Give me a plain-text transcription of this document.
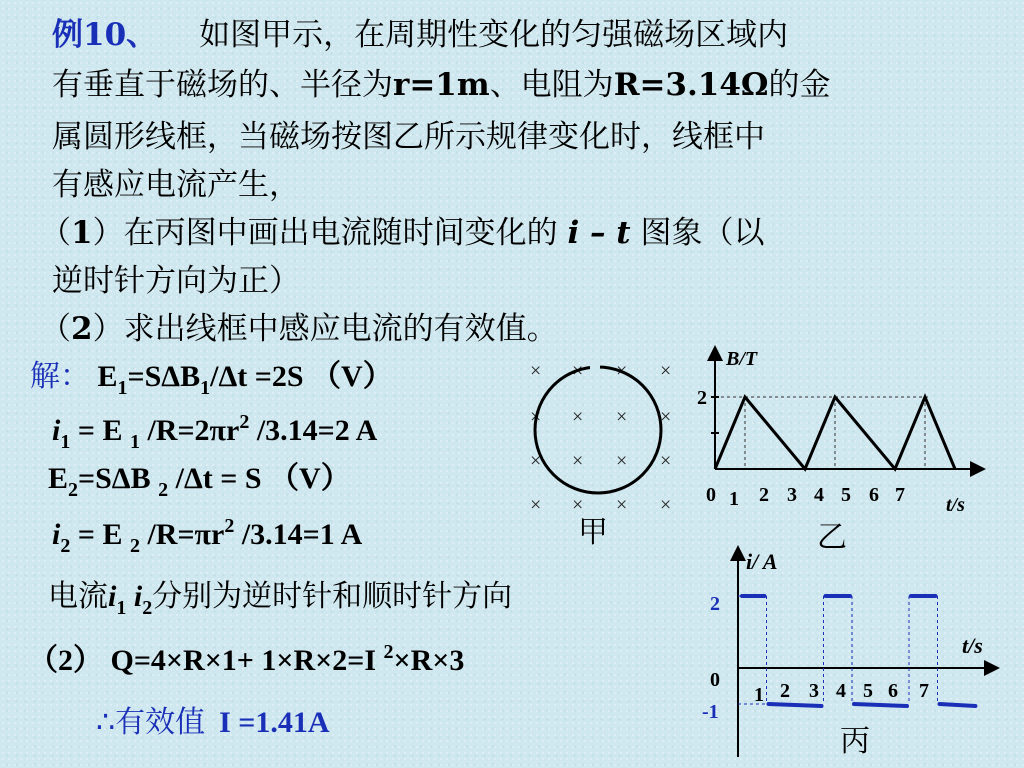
例10、 如图甲示，在周期性变化的匀强磁场区域内
有垂直于磁场的、半径为r=1m、电阻为R=3.14Ω的金
属圆形线框，当磁场按图乙所示规律变化时，线框中
有感应电流产生，
（1）在丙图中画出电流随时间变化的 i – t 图象（以
逆时针方向为正）
（2）求出线框中感应电流的有效值。
解： $E_1=S\Delta B_1/\Delta t =2S$ （V）
$i_1 = E$ $_1$ $/R=2\pi r^2$ /3.14=2 A
$E_2=S\Delta B$ $_2$ /Δt = S （V）
$i_2 = E$ $_2$ $/R=\pi r^2$ /3.14=1 A
电流$i_1$ $i_2$分别为逆时针和顺时针方向
（2） Q=4×R×1+ 1×R×2=I $^2$×R×3
∴有效值 I =1.41A
× × × ×
× × × ×
× × × ×
× × × ×
甲
2
B/T
t/s
0 1 2 3 4 5 6 7
乙
i/ A
t/s
2
0
-1
1 2 3 4 5 6 7
丙
